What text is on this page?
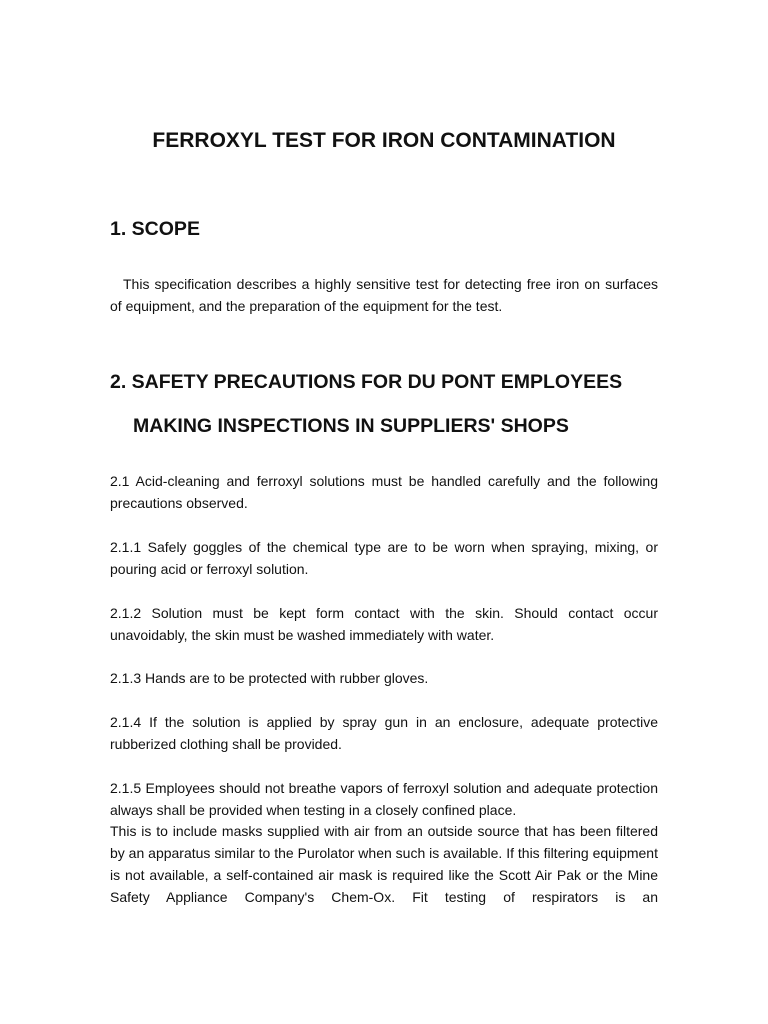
FERROXYL TEST FOR IRON CONTAMINATION
1. SCOPE

This specification describes a highly sensitive test for detecting free iron on surfaces of equipment, and the preparation of the equipment for the test.

2. SAFETY PRECAUTIONS FOR DU PONT EMPLOYEES
MAKING INSPECTIONS IN SUPPLIERS' SHOPS

2.1 Acid-cleaning and ferroxyl solutions must be handled carefully and the following precautions observed.

2.1.1 Safely goggles of the chemical type are to be worn when spraying, mixing, or pouring acid or ferroxyl solution.

2.1.2 Solution must be kept form contact with the skin. Should contact occur unavoidably, the skin must be washed immediately with water.

2.1.3 Hands are to be protected with rubber gloves.

2.1.4 If the solution is applied by spray gun in an enclosure, adequate protective rubberized clothing shall be provided.

2.1.5 Employees should not breathe vapors of ferroxyl solution and adequate protection always shall be provided when testing in a closely confined place.

This is to include masks supplied with air from an outside source that has been filtered by an apparatus similar to the Purolator when such is available. If this filtering equipment is not available, a self-contained air mask is required like the Scott Air Pak or the Mine Safety Appliance Company's Chem-Ox. Fit testing of respirators is an
